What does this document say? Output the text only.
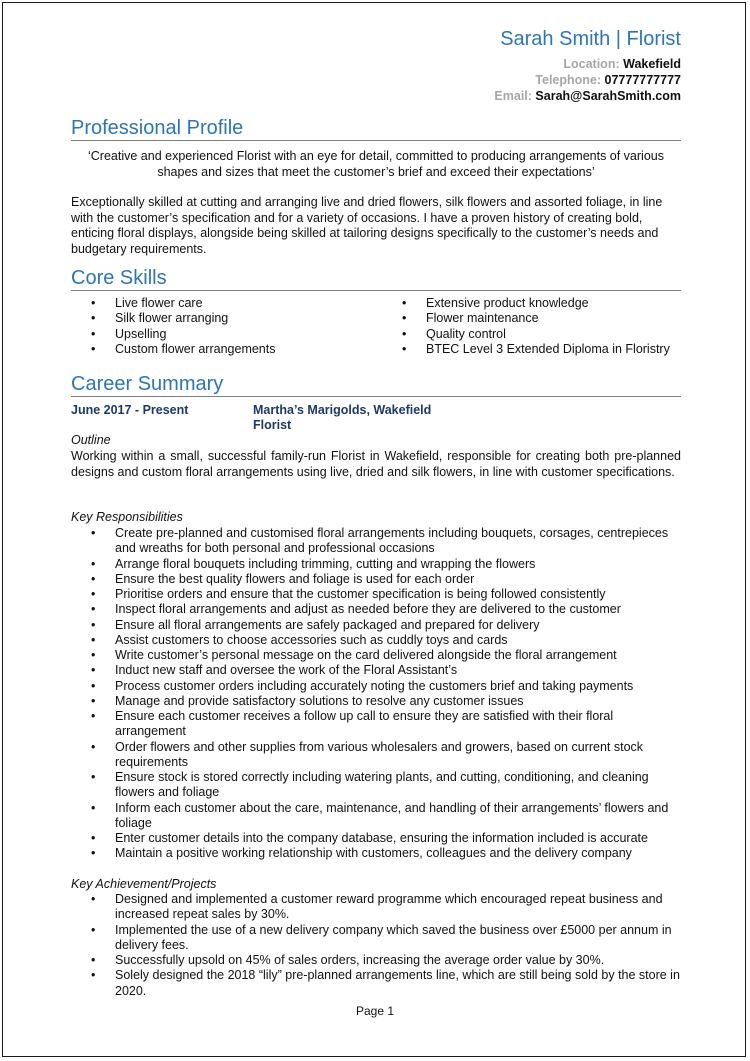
Sarah Smith | Florist
Location: Wakefield
Telephone: 07777777777
Email: Sarah@SarahSmith.com
Professional Profile
‘Creative and experienced Florist with an eye for detail, committed to producing arrangements of various shapes and sizes that meet the customer’s brief and exceed their expectations’
Exceptionally skilled at cutting and arranging live and dried flowers, silk flowers and assorted foliage, in line with the customer’s specification and for a variety of occasions. I have a proven history of creating bold, enticing floral displays, alongside being skilled at tailoring designs specifically to the customer’s needs and budgetary requirements.
Core Skills
• Live flower care
• Silk flower arranging
• Upselling
• Custom flower arrangements
• Extensive product knowledge
• Flower maintenance
• Quality control
• BTEC Level 3 Extended Diploma in Floristry
Career Summary
June 2017 - Present	Martha’s Marigolds, Wakefield
Florist
Outline
Working within a small, successful family-run Florist in Wakefield, responsible for creating both pre-planned designs and custom floral arrangements using live, dried and silk flowers, in line with customer specifications.
Key Responsibilities
• Create pre-planned and customised floral arrangements including bouquets, corsages, centrepieces and wreaths for both personal and professional occasions
• Arrange floral bouquets including trimming, cutting and wrapping the flowers
• Ensure the best quality flowers and foliage is used for each order
• Prioritise orders and ensure that the customer specification is being followed consistently
• Inspect floral arrangements and adjust as needed before they are delivered to the customer
• Ensure all floral arrangements are safely packaged and prepared for delivery
• Assist customers to choose accessories such as cuddly toys and cards
• Write customer’s personal message on the card delivered alongside the floral arrangement
• Induct new staff and oversee the work of the Floral Assistant’s
• Process customer orders including accurately noting the customers brief and taking payments
• Manage and provide satisfactory solutions to resolve any customer issues
• Ensure each customer receives a follow up call to ensure they are satisfied with their floral arrangement
• Order flowers and other supplies from various wholesalers and growers, based on current stock requirements
• Ensure stock is stored correctly including watering plants, and cutting, conditioning, and cleaning flowers and foliage
• Inform each customer about the care, maintenance, and handling of their arrangements’ flowers and foliage
• Enter customer details into the company database, ensuring the information included is accurate
• Maintain a positive working relationship with customers, colleagues and the delivery company
Key Achievement/Projects
• Designed and implemented a customer reward programme which encouraged repeat business and increased repeat sales by 30%.
• Implemented the use of a new delivery company which saved the business over £5000 per annum in delivery fees.
• Successfully upsold on 45% of sales orders, increasing the average order value by 30%.
• Solely designed the 2018 “lily” pre-planned arrangements line, which are still being sold by the store in 2020.
Page 1
